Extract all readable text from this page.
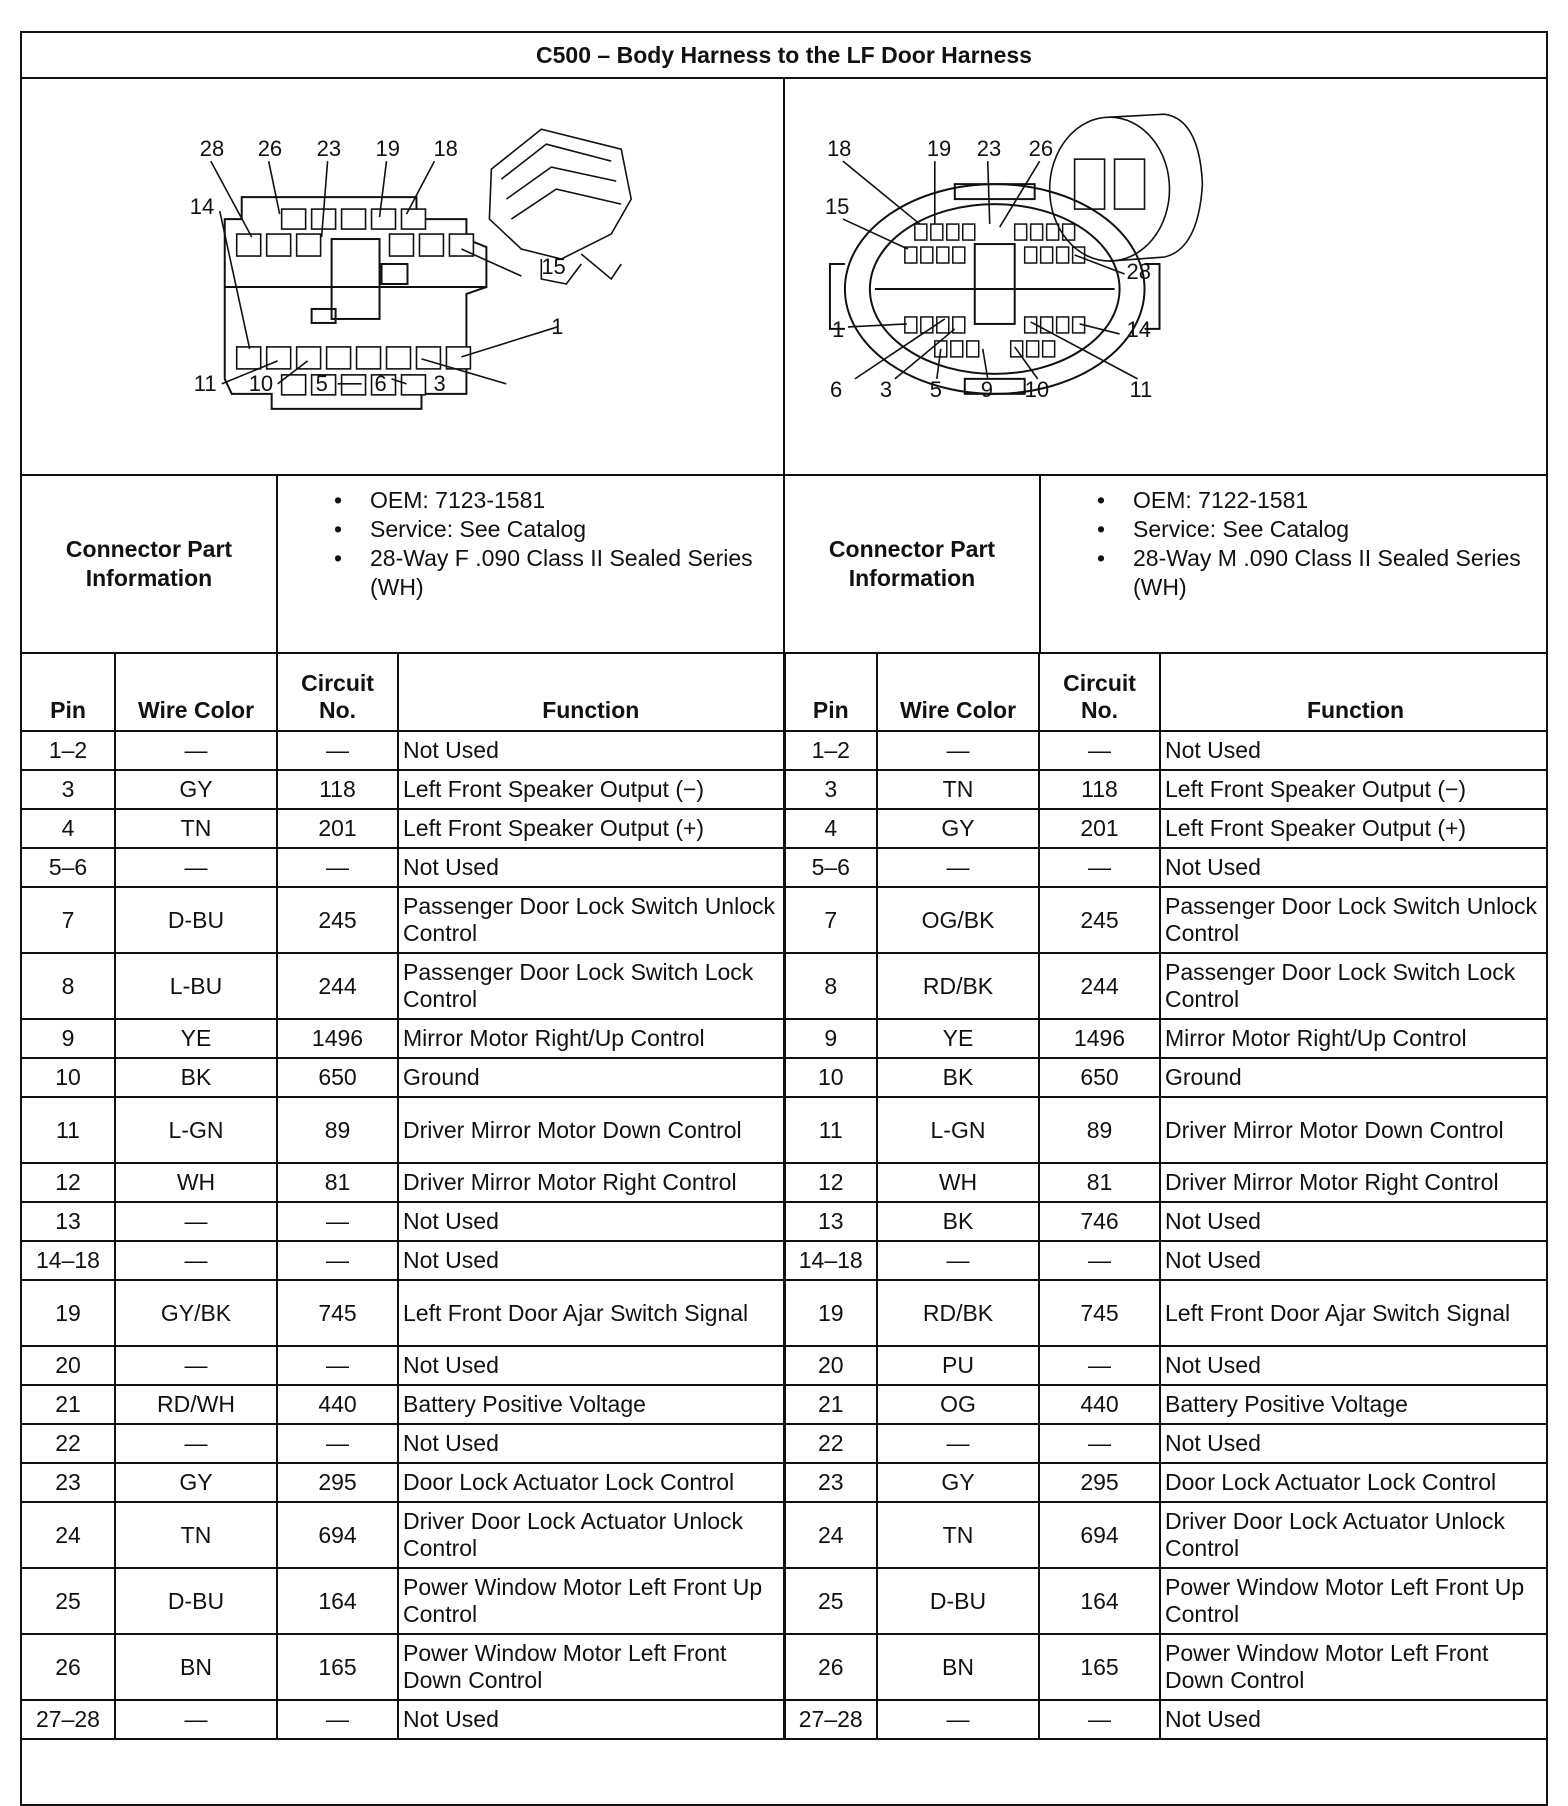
C500 – Body Harness to the LF Door Harness
28 26 23 19 18
14
15
1
11 10 5 6 3
18	19 23 26
15
28
1	14
6 3 5 9 10	11
Connector Part
Information
• OEM: 7123-1581
• Service: See Catalog
• 28-Way F .090 Class II Sealed Series (WH)
Connector Part
Information
• OEM: 7122-1581
• Service: See Catalog
• 28-Way M .090 Class II Sealed Series (WH)
Pin	Wire Color	Circuit No.	Function	Pin	Wire Color	Circuit No.	Function
1–2	—	—	Not Used	1–2	—	—	Not Used
3	GY	118	Left Front Speaker Output (−)	3	TN	118	Left Front Speaker Output (−)
4	TN	201	Left Front Speaker Output (+)	4	GY	201	Left Front Speaker Output (+)
5–6	—	—	Not Used	5–6	—	—	Not Used
7	D-BU	245	Passenger Door Lock Switch Unlock Control	7	OG/BK	245	Passenger Door Lock Switch Unlock Control
8	L-BU	244	Passenger Door Lock Switch Lock Control	8	RD/BK	244	Passenger Door Lock Switch Lock Control
9	YE	1496	Mirror Motor Right/Up Control	9	YE	1496	Mirror Motor Right/Up Control
10	BK	650	Ground	10	BK	650	Ground
11	L-GN	89	Driver Mirror Motor Down Control	11	L-GN	89	Driver Mirror Motor Down Control
12	WH	81	Driver Mirror Motor Right Control	12	WH	81	Driver Mirror Motor Right Control
13	—	—	Not Used	13	BK	746	Not Used
14–18	—	—	Not Used	14–18	—	—	Not Used
19	GY/BK	745	Left Front Door Ajar Switch Signal	19	RD/BK	745	Left Front Door Ajar Switch Signal
20	—	—	Not Used	20	PU	—	Not Used
21	RD/WH	440	Battery Positive Voltage	21	OG	440	Battery Positive Voltage
22	—	—	Not Used	22	—	—	Not Used
23	GY	295	Door Lock Actuator Lock Control	23	GY	295	Door Lock Actuator Lock Control
24	TN	694	Driver Door Lock Actuator Unlock Control	24	TN	694	Driver Door Lock Actuator Unlock Control
25	D-BU	164	Power Window Motor Left Front Up Control	25	D-BU	164	Power Window Motor Left Front Up Control
26	BN	165	Power Window Motor Left Front Down Control	26	BN	165	Power Window Motor Left Front Down Control
27–28	—	—	Not Used	27–28	—	—	Not Used
